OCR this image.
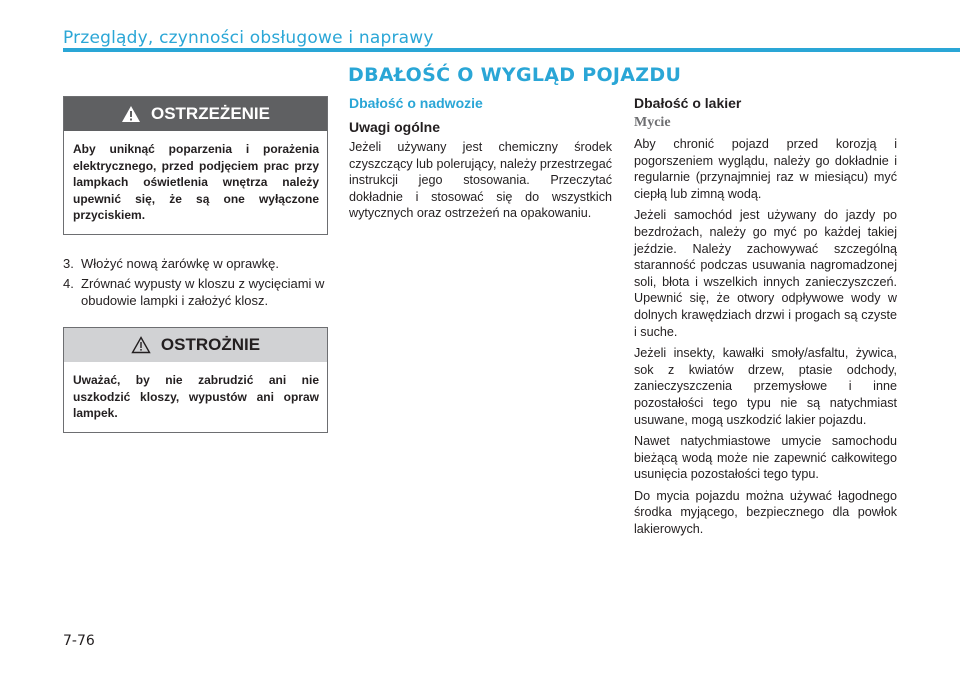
Przeglądy, czynności obsługowe i naprawy
DBAŁOŚĆ O WYGLĄD POJAZDU
OSTRZEŻENIE
Aby uniknąć poparzenia i porażenia elektrycznego, przed podjęciem prac przy lampkach oświetlenia wnętrza należy upewnić się, że są one wyłączone przyciskiem.
3. Włożyć nową żarówkę w oprawkę.
4. Zrównać wypusty w kloszu z wycięciami w obudowie lampki i założyć klosz.
OSTROŻNIE
Uważać, by nie zabrudzić ani nie uszkodzić kloszy, wypustów ani opraw lampek.
Dbałość o nadwozie
Uwagi ogólne
Jeżeli używany jest chemiczny środek czyszczący lub polerujący, należy przestrzegać instrukcji jego stosowania. Przeczytać dokładnie i stosować się do wszystkich wytycznych oraz ostrzeżeń na opakowaniu.
Dbałość o lakier
Mycie
Aby chronić pojazd przed korozją i pogorszeniem wyglądu, należy go dokładnie i regularnie (przynajmniej raz w miesiącu) myć ciepłą lub zimną wodą.
Jeżeli samochód jest używany do jazdy po bezdrożach, należy go myć po każdej takiej jeździe. Należy zachowywać szczególną staranność podczas usuwania nagromadzonej soli, błota i wszelkich innych zanieczyszczeń. Upewnić się, że otwory odpływowe wody w dolnych krawędziach drzwi i progach są czyste i suche.
Jeżeli insekty, kawałki smoły/asfaltu, żywica, sok z kwiatów drzew, ptasie odchody, zanieczyszczenia przemysłowe i inne pozostałości tego typu nie są natychmiast usuwane, mogą uszkodzić lakier pojazdu.
Nawet natychmiastowe umycie samochodu bieżącą wodą może nie zapewnić całkowitego usunięcia pozostałości tego typu.
Do mycia pojazdu można używać łagodnego środka myjącego, bezpiecznego dla powłok lakierowych.
7-76
